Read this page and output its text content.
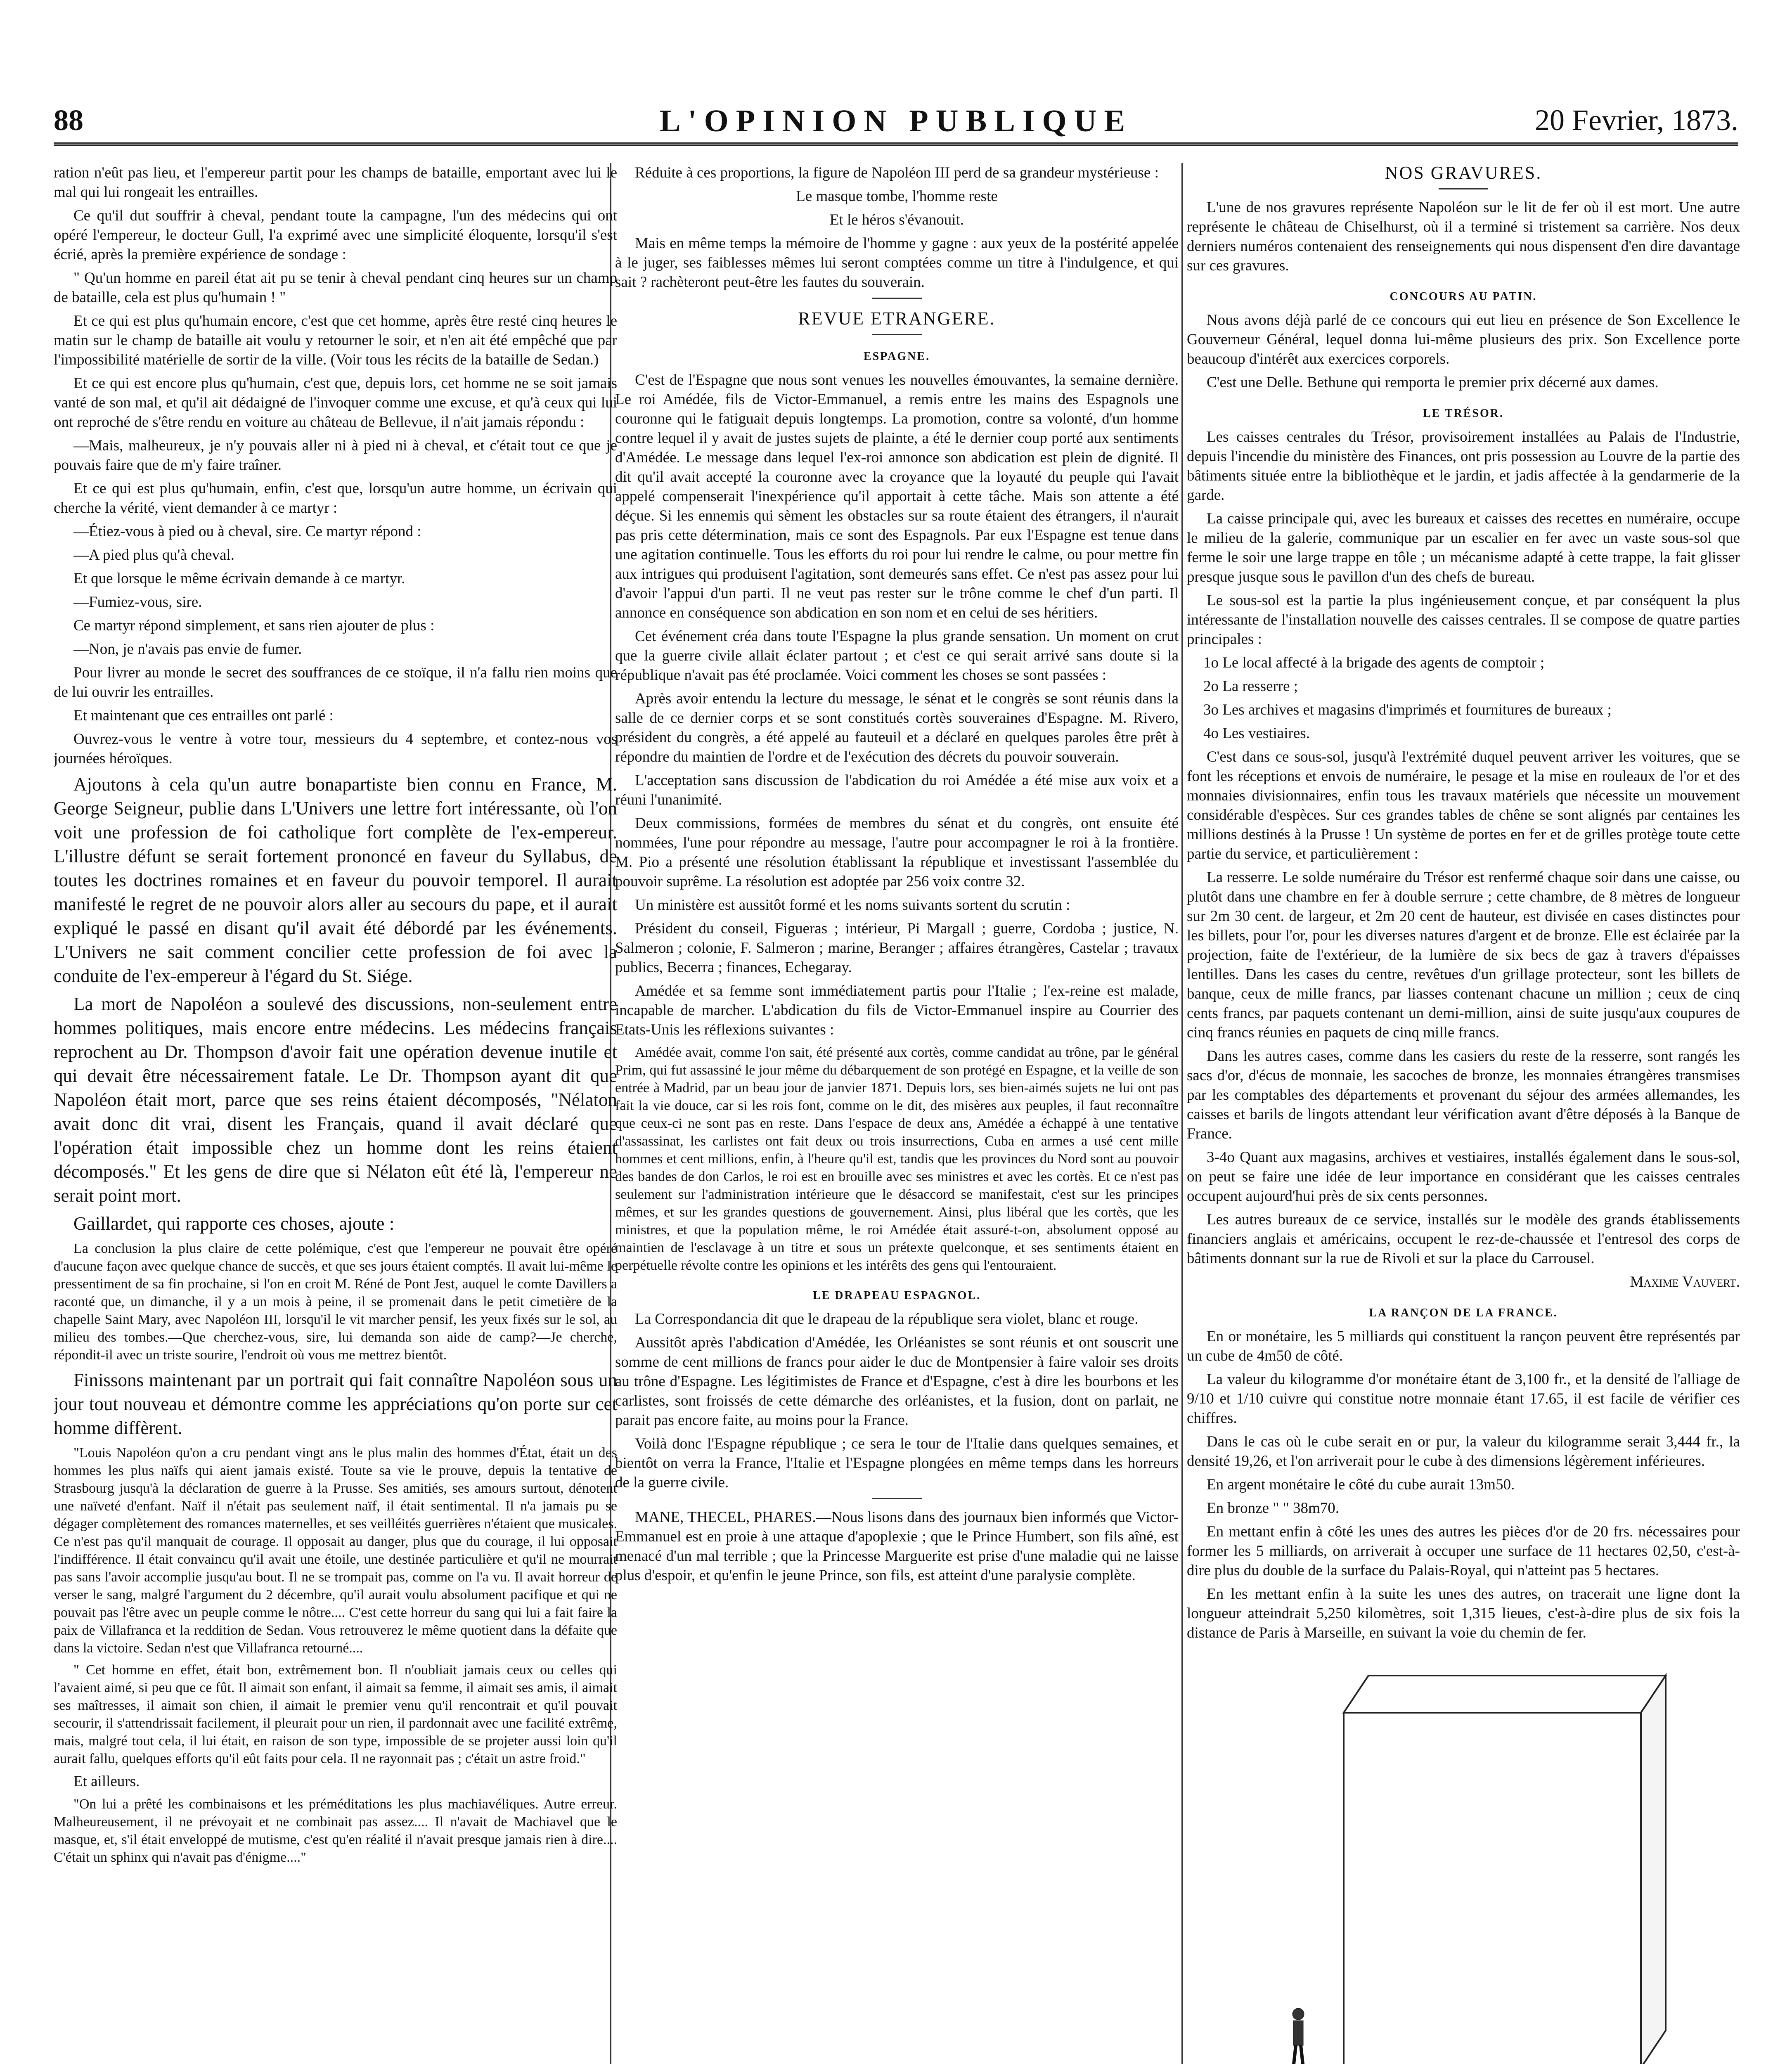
88	L'OPINION PUBLIQUE	20 Fevrier, 1873.

ration n'eût pas lieu, et l'empereur partit pour les champs de bataille, emportant avec lui le mal qui lui rongeait les entrailles.

Ce qu'il dut souffrir à cheval, pendant toute la campagne, l'un des médecins qui ont opéré l'empereur, le docteur Gull, l'a exprimé avec une simplicité éloquente, lorsqu'il s'est écrié, après la première expérience de sondage :

" Qu'un homme en pareil état ait pu se tenir à cheval pendant cinq heures sur un champ de bataille, cela est plus qu'humain ! "

Et ce qui est plus qu'humain encore, c'est que cet homme, après être resté cinq heures le matin sur le champ de bataille ait voulu y retourner le soir, et n'en ait été empêché que par l'impossibilité matérielle de sortir de la ville. (Voir tous les récits de la bataille de Sedan.)

Et ce qui est encore plus qu'humain, c'est que, depuis lors, cet homme ne se soit jamais vanté de son mal, et qu'il ait dédaigné de l'invoquer comme une excuse, et qu'à ceux qui lui ont reproché de s'être rendu en voiture au château de Bellevue, il n'ait jamais répondu :

—Mais, malheureux, je n'y pouvais aller ni à pied ni à cheval, et c'était tout ce que je pouvais faire que de m'y faire traîner.

Et ce qui est plus qu'humain, enfin, c'est que, lorsqu'un autre homme, un écrivain qui cherche la vérité, vient demander à ce martyr :

—Étiez-vous à pied ou à cheval, sire. Ce martyr répond :

—A pied plus qu'à cheval.

Et que lorsque le même écrivain demande à ce martyr.

—Fumiez-vous, sire.

Ce martyr répond simplement, et sans rien ajouter de plus :

—Non, je n'avais pas envie de fumer.

Pour livrer au monde le secret des souffrances de ce stoïque, il n'a fallu rien moins que de lui ouvrir les entrailles.

Et maintenant que ces entrailles ont parlé :

Ouvrez-vous le ventre à votre tour, messieurs du 4 septembre, et contez-nous vos journées héroïques.

Ajoutons à cela qu'un autre bonapartiste bien connu en France, M. George Seigneur, publie dans L'Univers une lettre fort intéressante, où l'on voit une profession de foi catholique fort complète de l'ex-empereur. L'illustre défunt se serait fortement prononcé en faveur du Syllabus, de toutes les doctrines romaines et en faveur du pouvoir temporel. Il aurait manifesté le regret de ne pouvoir alors aller au secours du pape, et il aurait expliqué le passé en disant qu'il avait été débordé par les événements. L'Univers ne sait comment concilier cette profession de foi avec la conduite de l'ex-empereur à l'égard du St. Siége.

La mort de Napoléon a soulevé des discussions, non-seulement entre hommes politiques, mais encore entre médecins. Les médecins français reprochent au Dr. Thompson d'avoir fait une opération devenue inutile et qui devait être nécessairement fatale. Le Dr. Thompson ayant dit que Napoléon était mort, parce que ses reins étaient décomposés, "Nélaton avait donc dit vrai, disent les Français, quand il avait déclaré que l'opération était impossible chez un homme dont les reins étaient décomposés." Et les gens de dire que si Nélaton eût été là, l'empereur ne serait point mort.

Gaillardet, qui rapporte ces choses, ajoute :

La conclusion la plus claire de cette polémique, c'est que l'empereur ne pouvait être opéré d'aucune façon avec quelque chance de succès, et que ses jours étaient comptés. Il avait lui-même le pressentiment de sa fin prochaine, si l'on en croit M. Réné de Pont Jest, auquel le comte Davillers a raconté que, un dimanche, il y a un mois à peine, il se promenait dans le petit cimetière de la chapelle Saint Mary, avec Napoléon III, lorsqu'il le vit marcher pensif, les yeux fixés sur le sol, au milieu des tombes.—Que cherchez-vous, sire, lui demanda son aide de camp?—Je cherche, répondit-il avec un triste sourire, l'endroit où vous me mettrez bientôt.

Finissons maintenant par un portrait qui fait connaître Napoléon sous un jour tout nouveau et démontre comme les appréciations qu'on porte sur cet homme diffèrent.

"Louis Napoléon qu'on a cru pendant vingt ans le plus malin des hommes d'État, était un des hommes les plus naïfs qui aient jamais existé. Toute sa vie le prouve, depuis la tentative de Strasbourg jusqu'à la déclaration de guerre à la Prusse. Ses amitiés, ses amours surtout, dénotent une naïveté d'enfant. Naïf il n'était pas seulement naïf, il était sentimental. Il n'a jamais pu se dégager complètement des romances maternelles, et ses veilléités guerrières n'étaient que musicales. Ce n'est pas qu'il manquait de courage. Il opposait au danger, plus que du courage, il lui opposait l'indifférence. Il était convaincu qu'il avait une étoile, une destinée particulière et qu'il ne mourrait pas sans l'avoir accomplie jusqu'au bout. Il ne se trompait pas, comme on l'a vu. Il avait horreur de verser le sang, malgré l'argument du 2 décembre, qu'il aurait voulu absolument pacifique et qui ne pouvait pas l'être avec un peuple comme le nôtre.... C'est cette horreur du sang qui lui a fait faire la paix de Villafranca et la reddition de Sedan. Vous retrouverez le même quotient dans la défaite que dans la victoire. Sedan n'est que Villafranca retourné....

" Cet homme en effet, était bon, extrêmement bon. Il n'oubliait jamais ceux ou celles qui l'avaient aimé, si peu que ce fût. Il aimait son enfant, il aimait sa femme, il aimait ses amis, il aimait ses maîtresses, il aimait son chien, il aimait le premier venu qu'il rencontrait et qu'il pouvait secourir, il s'attendrissait facilement, il pleurait pour un rien, il pardonnait avec une facilité extrême, mais, malgré tout cela, il lui était, en raison de son type, impossible de se projeter aussi loin qu'il aurait fallu, quelques efforts qu'il eût faits pour cela. Il ne rayonnait pas ; c'était un astre froid."

Et ailleurs.

"On lui a prêté les combinaisons et les préméditations les plus machiavéliques. Autre erreur. Malheureusement, il ne prévoyait et ne combinait pas assez.... Il n'avait de Machiavel que le masque, et, s'il était enveloppé de mutisme, c'est qu'en réalité il n'avait presque jamais rien à dire.... C'était un sphinx qui n'avait pas d'énigme...."

Réduite à ces proportions, la figure de Napoléon III perd de sa grandeur mystérieuse :

Le masque tombe, l'homme reste

Et le héros s'évanouit.

Mais en même temps la mémoire de l'homme y gagne : aux yeux de la postérité appelée à le juger, ses faiblesses mêmes lui seront comptées comme un titre à l'indulgence, et qui sait ? rachèteront peut-être les fautes du souverain.

REVUE ETRANGERE.
ESPAGNE.

C'est de l'Espagne que nous sont venues les nouvelles émouvantes, la semaine dernière. Le roi Amédée, fils de Victor-Emmanuel, a remis entre les mains des Espagnols une couronne qui le fatiguait depuis longtemps. La promotion, contre sa volonté, d'un homme contre lequel il y avait de justes sujets de plainte, a été le dernier coup porté aux sentiments d'Amédée. Le message dans lequel l'ex-roi annonce son abdication est plein de dignité. Il dit qu'il avait accepté la couronne avec la croyance que la loyauté du peuple qui l'avait appelé compenserait l'inexpérience qu'il apportait à cette tâche. Mais son attente a été déçue. Si les ennemis qui sèment les obstacles sur sa route étaient des étrangers, il n'aurait pas pris cette détermination, mais ce sont des Espagnols. Par eux l'Espagne est tenue dans une agitation continuelle. Tous les efforts du roi pour lui rendre le calme, ou pour mettre fin aux intrigues qui produisent l'agitation, sont demeurés sans effet. Ce n'est pas assez pour lui d'avoir l'appui d'un parti. Il ne veut pas rester sur le trône comme le chef d'un parti. Il annonce en conséquence son abdication en son nom et en celui de ses héritiers.

Cet événement créa dans toute l'Espagne la plus grande sensation. Un moment on crut que la guerre civile allait éclater partout ; et c'est ce qui serait arrivé sans doute si la république n'avait pas été proclamée. Voici comment les choses se sont passées :

Après avoir entendu la lecture du message, le sénat et le congrès se sont réunis dans la salle de ce dernier corps et se sont constitués cortès souveraines d'Espagne. M. Rivero, président du congrès, a été appelé au fauteuil et a déclaré en quelques paroles être prêt à répondre du maintien de l'ordre et de l'exécution des décrets du pouvoir souverain.

L'acceptation sans discussion de l'abdication du roi Amédée a été mise aux voix et a réuni l'unanimité.

Deux commissions, formées de membres du sénat et du congrès, ont ensuite été nommées, l'une pour répondre au message, l'autre pour accompagner le roi à la frontière. M. Pio a présenté une résolution établissant la république et investissant l'assemblée du pouvoir suprême. La résolution est adoptée par 256 voix contre 32.

Un ministère est aussitôt formé et les noms suivants sortent du scrutin :

Président du conseil, Figueras ; intérieur, Pi Margall ; guerre, Cordoba ; justice, N. Salmeron ; colonie, F. Salmeron ; marine, Beranger ; affaires étrangères, Castelar ; travaux publics, Becerra ; finances, Echegaray.

Amédée et sa femme sont immédiatement partis pour l'Italie ; l'ex-reine est malade, incapable de marcher. L'abdication du fils de Victor-Emmanuel inspire au Courrier des Etats-Unis les réflexions suivantes :

Amédée avait, comme l'on sait, été présenté aux cortès, comme candidat au trône, par le général Prim, qui fut assassiné le jour même du débarquement de son protégé en Espagne, et la veille de son entrée à Madrid, par un beau jour de janvier 1871. Depuis lors, ses bien-aimés sujets ne lui ont pas fait la vie douce, car si les rois font, comme on le dit, des misères aux peuples, il faut reconnaître que ceux-ci ne sont pas en reste. Dans l'espace de deux ans, Amédée a échappé à une tentative d'assassinat, les carlistes ont fait deux ou trois insurrections, Cuba en armes a usé cent mille hommes et cent millions, enfin, à l'heure qu'il est, tandis que les provinces du Nord sont au pouvoir des bandes de don Carlos, le roi est en brouille avec ses ministres et avec les cortès. Et ce n'est pas seulement sur l'administration intérieure que le désaccord se manifestait, c'est sur les principes mêmes, et sur les grandes questions de gouvernement. Ainsi, plus libéral que les cortès, que les ministres, et que la population même, le roi Amédée était assuré-t-on, absolument opposé au maintien de l'esclavage à un titre et sous un prétexte quelconque, et ses sentiments étaient en perpétuelle révolte contre les opinions et les intérêts des gens qui l'entouraient.

LE DRAPEAU ESPAGNOL.

La Correspondancia dit que le drapeau de la république sera violet, blanc et rouge.

Aussitôt après l'abdication d'Amédée, les Orléanistes se sont réunis et ont souscrit une somme de cent millions de francs pour aider le duc de Montpensier à faire valoir ses droits au trône d'Espagne. Les légitimistes de France et d'Espagne, c'est à dire les bourbons et les carlistes, sont froissés de cette démarche des orléanistes, et la fusion, dont on parlait, ne parait pas encore faite, au moins pour la France.

Voilà donc l'Espagne république ; ce sera le tour de l'Italie dans quelques semaines, et bientôt on verra la France, l'Italie et l'Espagne plongées en même temps dans les horreurs de la guerre civile.

MANE, THECEL, PHARES.—Nous lisons dans des journaux bien informés que Victor-Emmanuel est en proie à une attaque d'apoplexie ; que le Prince Humbert, son fils aîné, est menacé d'un mal terrible ; que la Princesse Marguerite est prise d'une maladie qui ne laisse plus d'espoir, et qu'enfin le jeune Prince, son fils, est atteint d'une paralysie complète.

NOS GRAVURES.

L'une de nos gravures représente Napoléon sur le lit de fer où il est mort. Une autre représente le château de Chiselhurst, où il a terminé si tristement sa carrière. Nos deux derniers numéros contenaient des renseignements qui nous dispensent d'en dire davantage sur ces gravures.

CONCOURS AU PATIN.

Nous avons déjà parlé de ce concours qui eut lieu en présence de Son Excellence le Gouverneur Général, lequel donna lui-même plusieurs des prix. Son Excellence porte beaucoup d'intérêt aux exercices corporels.

C'est une Delle. Bethune qui remporta le premier prix décerné aux dames.

LE TRÉSOR.

Les caisses centrales du Trésor, provisoirement installées au Palais de l'Industrie, depuis l'incendie du ministère des Finances, ont pris possession au Louvre de la partie des bâtiments située entre la bibliothèque et le jardin, et jadis affectée à la gendarmerie de la garde.

La caisse principale qui, avec les bureaux et caisses des recettes en numéraire, occupe le milieu de la galerie, communique par un escalier en fer avec un vaste sous-sol que ferme le soir une large trappe en tôle ; un mécanisme adapté à cette trappe, la fait glisser presque jusque sous le pavillon d'un des chefs de bureau.

Le sous-sol est la partie la plus ingénieusement conçue, et par conséquent la plus intéressante de l'installation nouvelle des caisses centrales. Il se compose de quatre parties principales :

1o Le local affecté à la brigade des agents de comptoir ;

2o La resserre ;

3o Les archives et magasins d'imprimés et fournitures de bureaux ;

4o Les vestiaires.

C'est dans ce sous-sol, jusqu'à l'extrémité duquel peuvent arriver les voitures, que se font les réceptions et envois de numéraire, le pesage et la mise en rouleaux de l'or et des monnaies divisionnaires, enfin tous les travaux matériels que nécessite un mouvement considérable d'espèces. Sur ces grandes tables de chêne se sont alignés par centaines les millions destinés à la Prusse ! Un système de portes en fer et de grilles protège toute cette partie du service, et particulièrement :

La resserre. Le solde numéraire du Trésor est renfermé chaque soir dans une caisse, ou plutôt dans une chambre en fer à double serrure ; cette chambre, de 8 mètres de longueur sur 2m 30 cent. de largeur, et 2m 20 cent de hauteur, est divisée en cases distinctes pour les billets, pour l'or, pour les diverses natures d'argent et de bronze. Elle est éclairée par la projection, faite de l'extérieur, de la lumière de six becs de gaz à travers d'épaisses lentilles. Dans les cases du centre, revêtues d'un grillage protecteur, sont les billets de banque, ceux de mille francs, par liasses contenant chacune un million ; ceux de cinq cents francs, par paquets contenant un demi-million, ainsi de suite jusqu'aux coupures de cinq francs réunies en paquets de cinq mille francs.

Dans les autres cases, comme dans les casiers du reste de la resserre, sont rangés les sacs d'or, d'écus de monnaie, les sacoches de bronze, les monnaies étrangères transmises par les comptables des départements et provenant du séjour des armées allemandes, les caisses et barils de lingots attendant leur vérification avant d'être déposés à la Banque de France.

3-4o Quant aux magasins, archives et vestiaires, installés également dans le sous-sol, on peut se faire une idée de leur importance en considérant que les caisses centrales occupent aujourd'hui près de six cents personnes.

Les autres bureaux de ce service, installés sur le modèle des grands établissements financiers anglais et américains, occupent le rez-de-chaussée et l'entresol des corps de bâtiments donnant sur la rue de Rivoli et sur la place du Carrousel.

Maxime Vauvert.

LA RANÇON DE LA FRANCE.

En or monétaire, les 5 milliards qui constituent la rançon peuvent être représentés par un cube de 4m50 de côté.

La valeur du kilogramme d'or monétaire étant de 3,100 fr., et la densité de l'alliage de 9/10 et 1/10 cuivre qui constitue notre monnaie étant 17.65, il est facile de vérifier ces chiffres.

Dans le cas où le cube serait en or pur, la valeur du kilogramme serait 3,444 fr., la densité 19,26, et l'on arriverait pour le cube à des dimensions légèrement inférieures.

En argent monétaire le côté du cube aurait 13m50.

En bronze " " 38m70.

En mettant enfin à côté les unes des autres les pièces d'or de 20 frs. nécessaires pour former les 5 milliards, on arriverait à occuper une surface de 11 hectares 02,50, c'est-à-dire plus du double de la surface du Palais-Royal, qui n'atteint pas 5 hectares.

En les mettant enfin à la suite les unes des autres, on tracerait une ligne dont la longueur atteindrait 5,250 kilomètres, soit 1,315 lieues, c'est-à-dire plus de six fois la distance de Paris à Marseille, en suivant la voie du chemin de fer.
